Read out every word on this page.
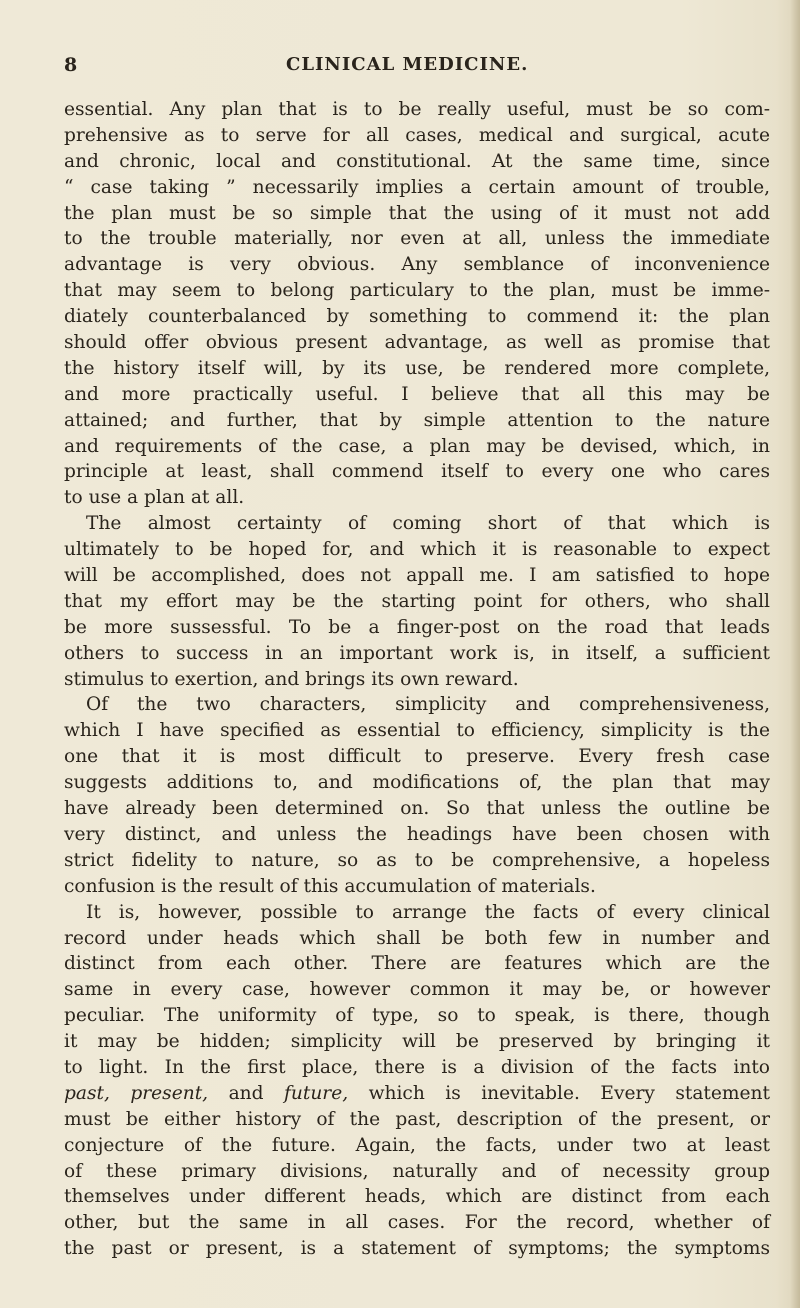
8	CLINICAL MEDICINE.
essential. Any plan that is to be really useful, must be so com-
prehensive as to serve for all cases, medical and surgical, acute
and chronic, local and constitutional. At the same time, since
“ case taking ” necessarily implies a certain amount of trouble,
the plan must be so simple that the using of it must not add
to the trouble materially, nor even at all, unless the immediate
advantage is very obvious. Any semblance of inconvenience
that may seem to belong particulary to the plan, must be imme-
diately counterbalanced by something to commend it: the plan
should offer obvious present advantage, as well as promise that
the history itself will, by its use, be rendered more complete,
and more practically useful. I believe that all this may be
attained; and further, that by simple attention to the nature
and requirements of the case, a plan may be devised, which, in
principle at least, shall commend itself to every one who cares
to use a plan at all.
The almost certainty of coming short of that which is
ultimately to be hoped for, and which it is reasonable to expect
will be accomplished, does not appall me. I am satisfied to hope
that my effort may be the starting point for others, who shall
be more sussessful. To be a finger-post on the road that leads
others to success in an important work is, in itself, a sufficient
stimulus to exertion, and brings its own reward.
Of the two characters, simplicity and comprehensiveness,
which I have specified as essential to efficiency, simplicity is the
one that it is most difficult to preserve. Every fresh case
suggests additions to, and modifications of, the plan that may
have already been determined on. So that unless the outline be
very distinct, and unless the headings have been chosen with
strict fidelity to nature, so as to be comprehensive, a hopeless
confusion is the result of this accumulation of materials.
It is, however, possible to arrange the facts of every clinical
record under heads which shall be both few in number and
distinct from each other. There are features which are the
same in every case, however common it may be, or however
peculiar. The uniformity of type, so to speak, is there, though
it may be hidden; simplicity will be preserved by bringing it
to light. In the first place, there is a division of the facts into
past, present, and future, which is inevitable. Every statement
must be either history of the past, description of the present, or
conjecture of the future. Again, the facts, under two at least
of these primary divisions, naturally and of necessity group
themselves under different heads, which are distinct from each
other, but the same in all cases. For the record, whether of
the past or present, is a statement of symptoms; the symptoms
